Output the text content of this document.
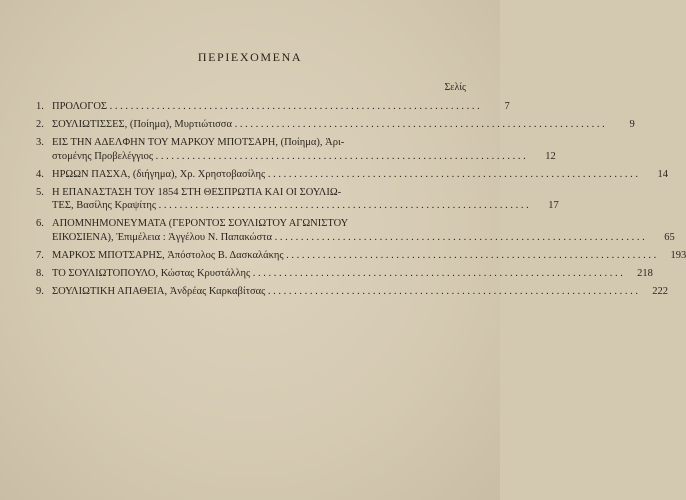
ΠΕΡΙΕΧΟΜΕΝΑ
Σελίς
1. ΠΡΟΛΟΓΟΣ . . .	7
2. ΣΟΥΛΙΩΤΙΣΣΕΣ, (Ποίημα), Μυρτιώτισσα . . .	9
3. ΕΙΣ ΤΗΝ ΑΔΕΛΦΗΝ ΤΟΥ ΜΑΡΚΟΥ ΜΠΟΤΣΑΡΗ, (Ποίημα), Ἀρι-
στομένης Προβελέγγιος . . .	12
4. ΗΡΩΩΝ ΠΑΣΧΑ, (διήγημα), Χρ. Χρηστοβασίλης . . .	14
5. Η ΕΠΑΝΑΣΤΑΣΗ ΤΟΥ 1854 ΣΤΗ ΘΕΣΠΡΩΤΙΑ ΚΑΙ ΟΙ ΣΟΥΛΙΩ-
ΤΕΣ, Βασίλης Κραψίτης . . .	17
6. ΑΠΟΜΝΗΜΟΝΕΥΜΑΤΑ (ΓΕΡΟΝΤΟΣ ΣΟΥΛΙΩΤΟΥ ΑΓΩΝΙΣΤΟΥ
ΕΙΚΟΣΙΕΝΑ), Ἐπιμέλεια : Ἀγγέλου Ν. Παπακώστα . . .	65
7. ΜΑΡΚΟΣ ΜΠΟΤΣΑΡΗΣ, Ἀπόστολος Β. Δασκαλάκης . . .	193
8. ΤΟ ΣΟΥΛΙΩΤΟΠΟΥΛΟ, Κώστας Κρυστάλλης . . .	218
9. ΣΟΥΛΙΩΤΙΚΗ ΑΠΑΘΕΙΑ, Ἀνδρέας Καρκαβίτσας . . .	222
